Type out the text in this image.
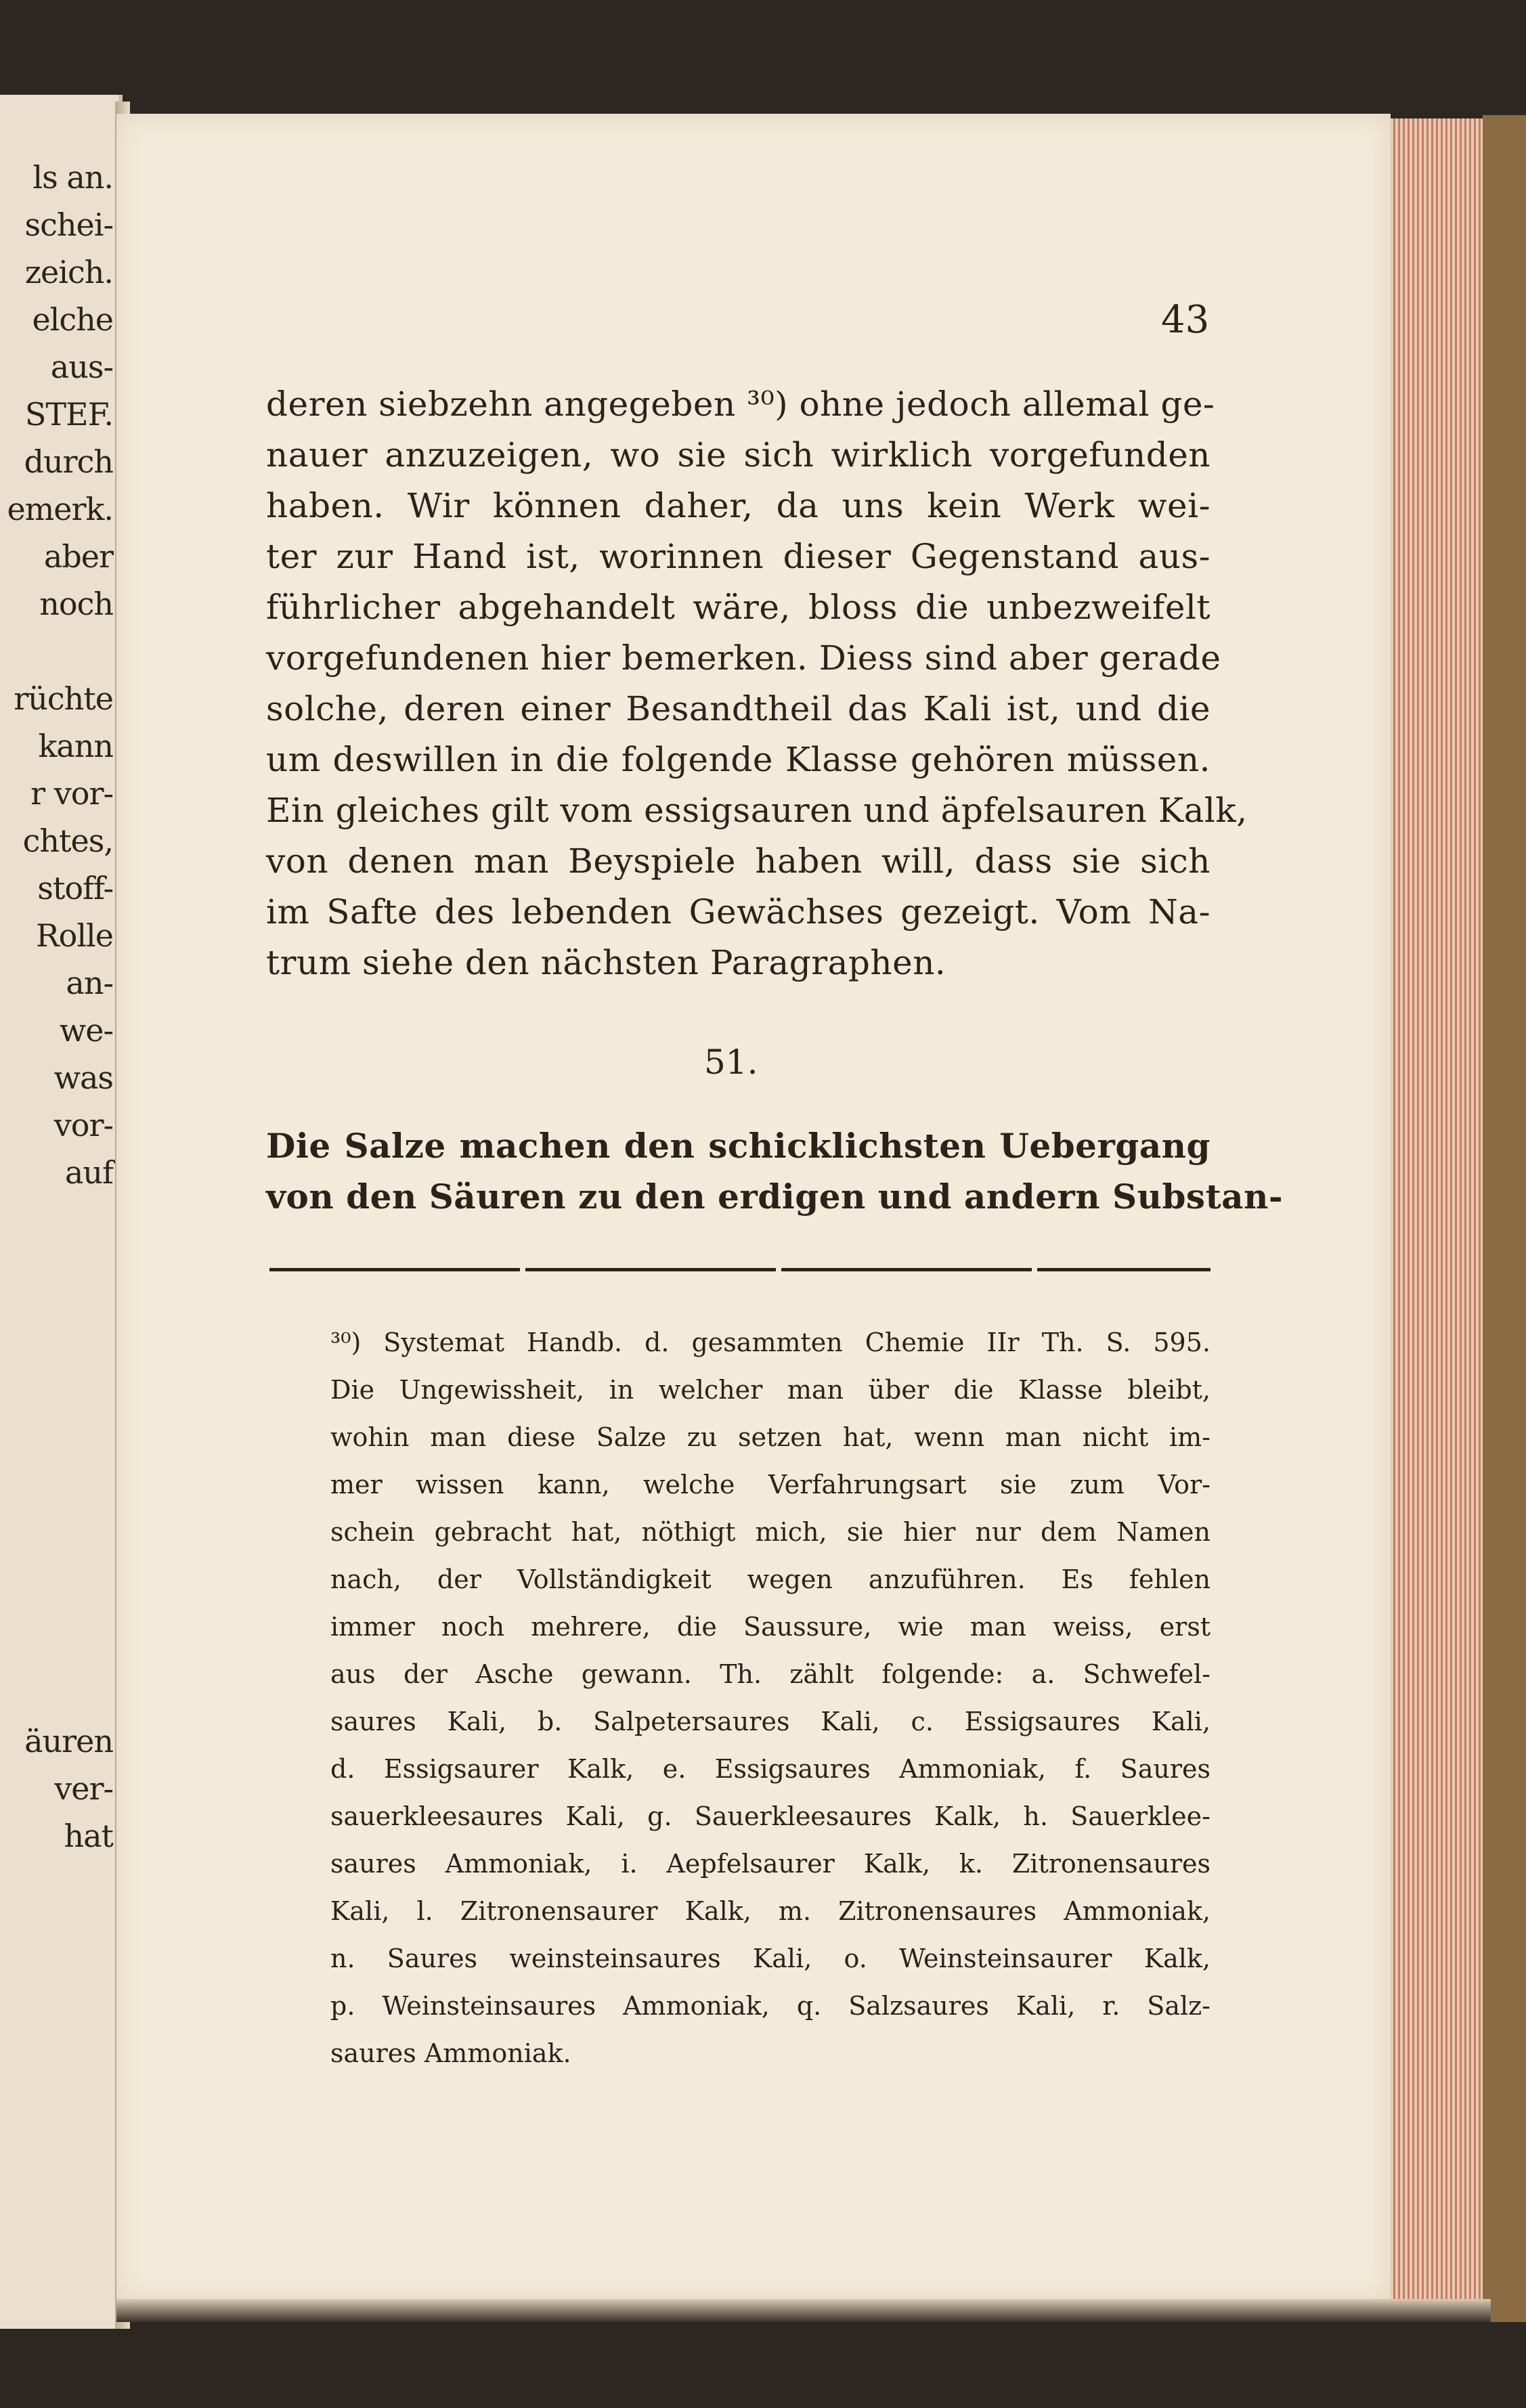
ls an.
schei-
zeich.
elche
aus-
STEF.
durch
emerk.
aber
noch
rüchte
kann
r vor-
chtes,
stoff-
Rolle
an-
we-
was
vor-
auf
äuren
ver-
hat
43
deren siebzehn angegeben ³⁰) ohne jedoch allemal ge-
nauer anzuzeigen, wo sie sich wirklich vorgefunden
haben. Wir können daher, da uns kein Werk wei-
ter zur Hand ist, worinnen dieser Gegenstand aus-
führlicher abgehandelt wäre, bloss die unbezweifelt
vorgefundenen hier bemerken. Diess sind aber gerade
solche, deren einer Besandtheil das Kali ist, und die
um deswillen in die folgende Klasse gehören müssen.
Ein gleiches gilt vom essigsauren und äpfelsauren Kalk,
von denen man Beyspiele haben will, dass sie sich
im Safte des lebenden Gewächses gezeigt. Vom Na-
trum siehe den nächsten Paragraphen.
51.
Die Salze machen den schicklichsten Uebergang
von den Säuren zu den erdigen und andern Substan-
³⁰) Systemat Handb. d. gesammten Chemie IIr Th. S. 595.
Die Ungewissheit, in welcher man über die Klasse bleibt,
wohin man diese Salze zu setzen hat, wenn man nicht im-
mer wissen kann, welche Verfahrungsart sie zum Vor-
schein gebracht hat, nöthigt mich, sie hier nur dem Namen
nach, der Vollständigkeit wegen anzuführen. Es fehlen
immer noch mehrere, die Saussure, wie man weiss, erst
aus der Asche gewann. Th. zählt folgende: a. Schwefel-
saures Kali, b. Salpetersaures Kali, c. Essigsaures Kali,
d. Essigsaurer Kalk, e. Essigsaures Ammoniak, f. Saures
sauerkleesaures Kali, g. Sauerkleesaures Kalk, h. Sauerklee-
saures Ammoniak, i. Aepfelsaurer Kalk, k. Zitronensaures
Kali, l. Zitronensaurer Kalk, m. Zitronensaures Ammoniak,
n. Saures weinsteinsaures Kali, o. Weinsteinsaurer Kalk,
p. Weinsteinsaures Ammoniak, q. Salzsaures Kali, r. Salz-
saures Ammoniak.
